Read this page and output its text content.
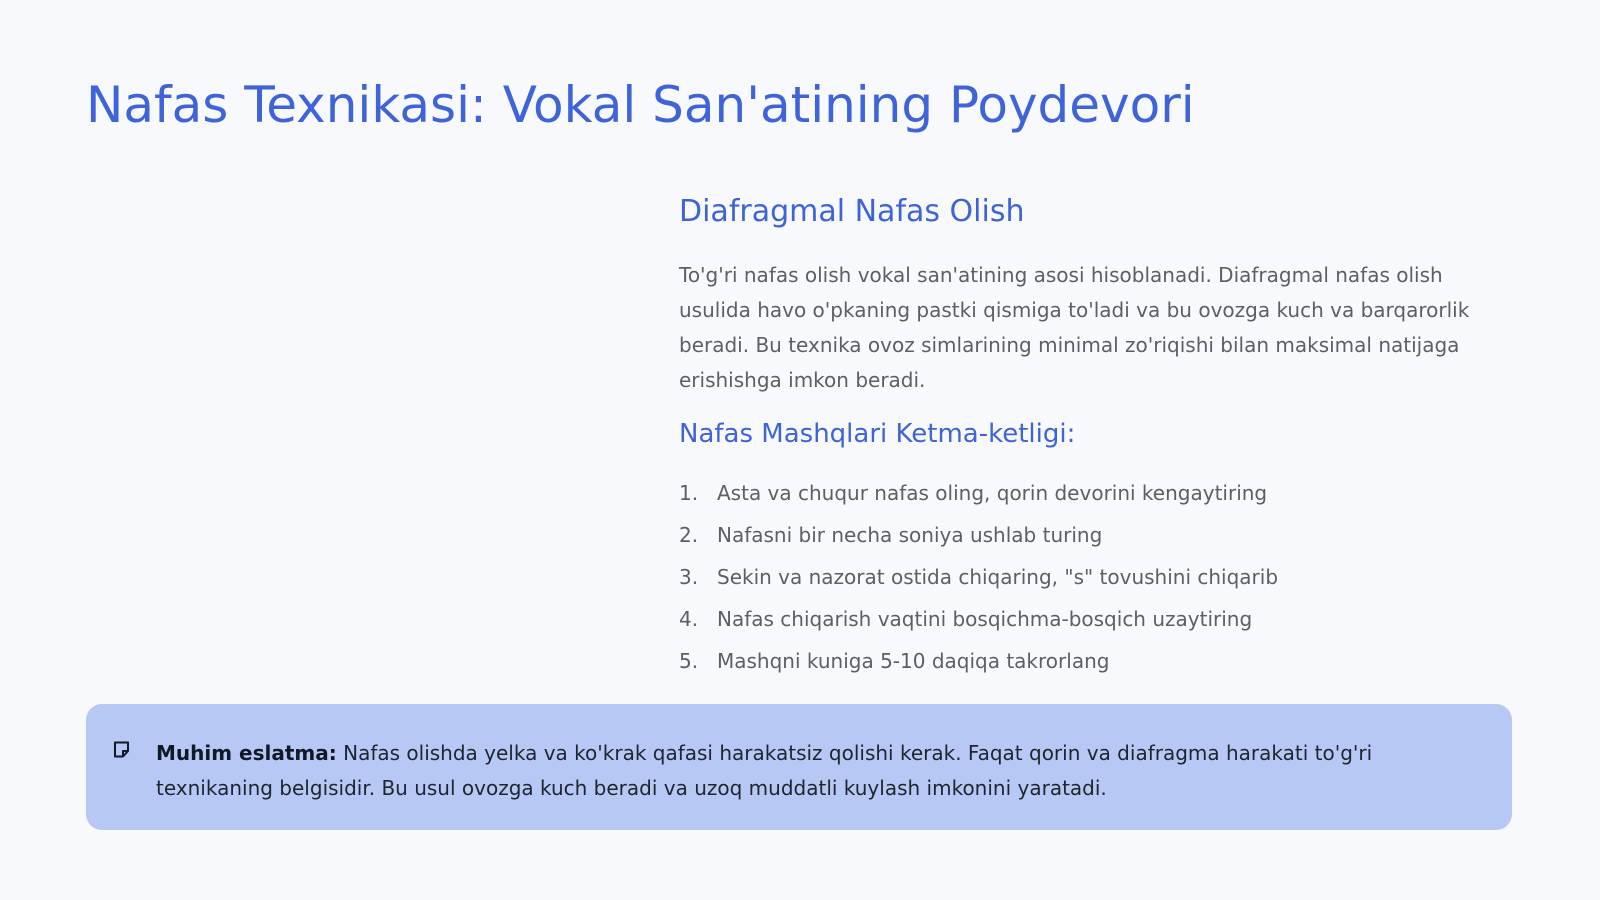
Nafas Texnikasi: Vokal San'atining Poydevori
Diafragmal Nafas Olish

To'g'ri nafas olish vokal san'atining asosi hisoblanadi. Diafragmal nafas olish usulida havo o'pkaning pastki qismiga to'ladi va bu ovozga kuch va barqarorlik beradi. Bu texnika ovoz simlarining minimal zo'riqishi bilan maksimal natijaga erishishga imkon beradi.

Nafas Mashqlari Ketma-ketligi:
1. Asta va chuqur nafas oling, qorin devorini kengaytiring
2. Nafasni bir necha soniya ushlab turing
3. Sekin va nazorat ostida chiqaring, "s" tovushini chiqarib
4. Nafas chiqarish vaqtini bosqichma-bosqich uzaytiring
5. Mashqni kuniga 5-10 daqiqa takrorlang

Muhim eslatma: Nafas olishda yelka va ko'krak qafasi harakatsiz qolishi kerak. Faqat qorin va diafragma harakati to'g'ri texnikaning belgisidir. Bu usul ovozga kuch beradi va uzoq muddatli kuylash imkonini yaratadi.
